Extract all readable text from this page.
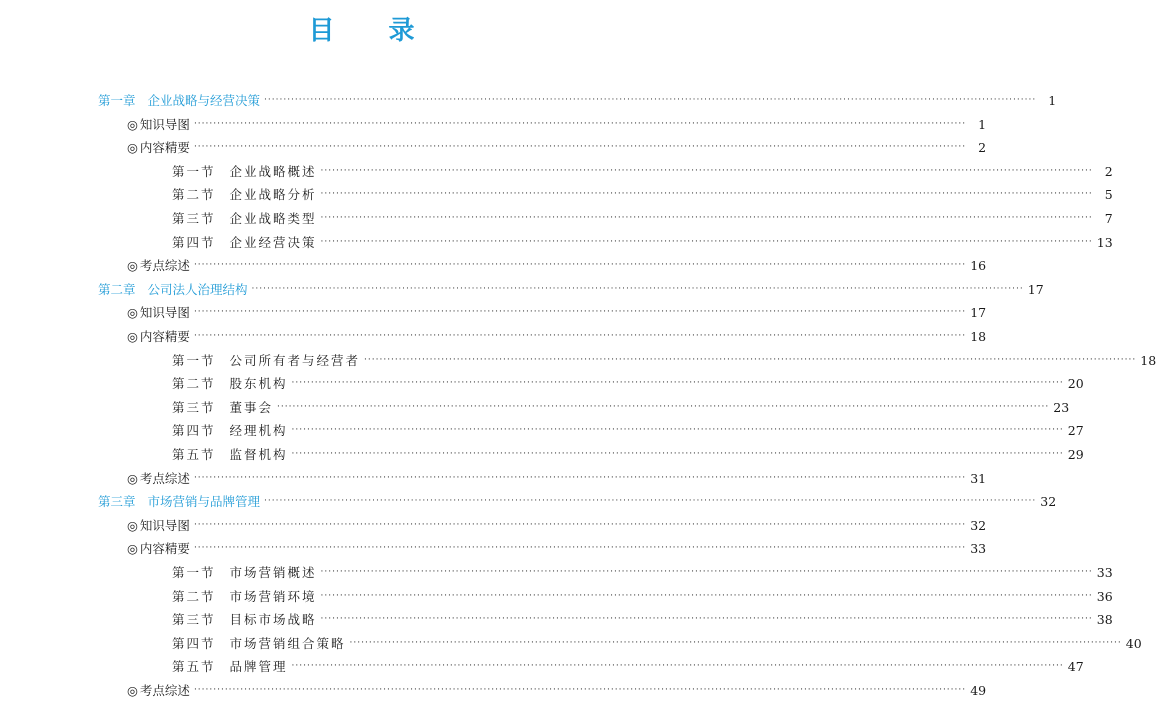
目 录
第一章 企业战略与经营决策 ········································································································································································································ 1
◎ 知识导图 ········································································································································································································ 1
◎ 内容精要 ········································································································································································································ 2
第一节 企业战略概述 ········································································································································································································ 2
第二节 企业战略分析 ········································································································································································································ 5
第三节 企业战略类型 ········································································································································································································ 7
第四节 企业经营决策 ········································································································································································································ 13
◎ 考点综述 ········································································································································································································ 16
第二章 公司法人治理结构 ········································································································································································································ 17
◎ 知识导图 ········································································································································································································ 17
◎ 内容精要 ········································································································································································································ 18
第一节 公司所有者与经营者 ········································································································································································································ 18
第二节 股东机构 ········································································································································································································ 20
第三节 董事会 ········································································································································································································ 23
第四节 经理机构 ········································································································································································································ 27
第五节 监督机构 ········································································································································································································ 29
◎ 考点综述 ········································································································································································································ 31
第三章 市场营销与品牌管理 ········································································································································································································ 32
◎ 知识导图 ········································································································································································································ 32
◎ 内容精要 ········································································································································································································ 33
第一节 市场营销概述 ········································································································································································································ 33
第二节 市场营销环境 ········································································································································································································ 36
第三节 目标市场战略 ········································································································································································································ 38
第四节 市场营销组合策略 ········································································································································································································ 40
第五节 品牌管理 ········································································································································································································ 47
◎ 考点综述 ········································································································································································································ 49
